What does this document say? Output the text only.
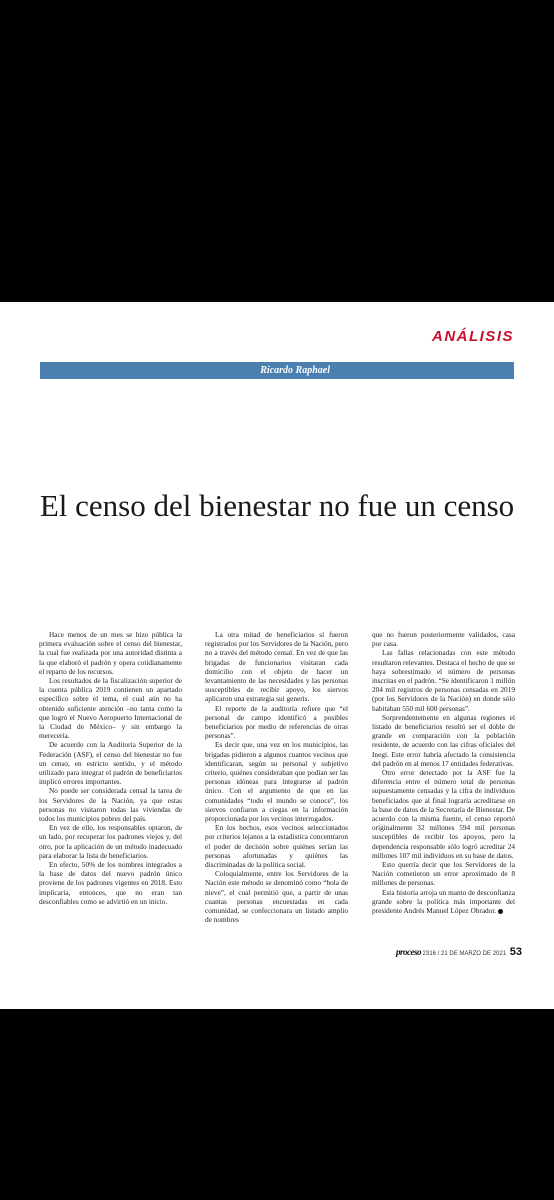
ANÁLISIS
Ricardo Raphael
El censo del bienestar no fue un censo

Hace menos de un mes se hizo pública la primera evaluación sobre el censo del bienestar, la cual fue realizada por una autoridad distinta a la que elaboró el padrón y opera cotidianamente el reparto de los recursos.

Los resultados de la fiscalización superior de la cuenta pública 2019 contienen un apartado específico sobre el tema, el cual aún no ha obtenido suficiente atención –no tanta como la que logró el Nuevo Aeropuerto Internacional de la Ciudad de México– y sin embargo la merecería.

De acuerdo con la Auditoría Superior de la Federación (ASF), el censo del bienestar no fue un censo, en estricto sentido, y el método utilizado para integrar el padrón de beneficiarios implicó errores importantes.

No puede ser considerada censal la tarea de los Servidores de la Nación, ya que estas personas no visitaron todas las viviendas de todos los municipios pobres del país.

En vez de ello, los responsables optaron, de un lado, por recuperar los padrones viejos y, del otro, por la aplicación de un método inadecuado para elaborar la lista de beneficiarios.

En efecto, 50% de los nombres integrados a la base de datos del nuevo padrón único proviene de los padrones vigentes en 2018. Esto implicaría, entonces, que no eran tan desconfiables como se advirtió en un inicio.

La otra mitad de beneficiarios sí fueron registrados por los Servidores de la Nación, pero no a través del método censal. En vez de que las brigadas de funcionarios visitaran cada domicilio con el objeto de hacer un levantamiento de las necesidades y las personas susceptibles de recibir apoyo, los siervos aplicaron una estrategia sui generis.

El reporte de la auditoría refiere que “el personal de campo identificó a posibles beneficiarios por medio de referencias de otras personas”.

Es decir que, una vez en los municipios, las brigadas pidieron a algunos cuantos vecinos que identificaran, según su personal y subjetivo criterio, quiénes consideraban que podían ser las personas idóneas para integrarse al padrón único. Con el argumento de que en las comunidades “todo el mundo se conoce”, los siervos confiaron a ciegas en la información proporcionada por los vecinos interrogados.

En los hechos, esos vecinos seleccionados por criterios lejanos a la estadística concentraron el poder de decisión sobre quiénes serían las personas afortunadas y quiénes las discriminadas de la política social.

Coloquialmente, entre los Servidores de la Nación este método se denominó como “bola de nieve”, el cual permitió que, a partir de unas cuantas personas encuestadas en cada comunidad, se confeccionara un listado amplio de nombres

que no fueron posteriormente validados, casa por casa.

Las fallas relacionadas con este método resultaron relevantes. Destaca el hecho de que se haya sobrestimado el número de personas inscritas en el padrón. “Se identificaron 1 millón 204 mil registros de personas censadas en 2019 (por los Servidores de la Nación) en donde sólo habitaban 550 mil 600 personas”.

Sorprendentemente en algunas regiones el listado de beneficiarios resultó ser el doble de grande en comparación con la población residente, de acuerdo con las cifras oficiales del Inegi. Este error habría afectado la consistencia del padrón en al menos 17 entidades federativas.

Otro error detectado por la ASF fue la diferencia entre el número total de personas supuestamente censadas y la cifra de individuos beneficiados que al final lograría acreditarse en la base de datos de la Secretaría de Bienestar. De acuerdo con la misma fuente, el censo reportó originalmente 32 millones 594 mil personas susceptibles de recibir los apoyos, pero la dependencia responsable sólo logró acreditar 24 millones 107 mil individuos en su base de datos.

Esto querría decir que los Servidores de la Nación cometieron un error aproximado de 8 millones de personas.

Esta historia arroja un manto de desconfianza grande sobre la política más importante del presidente Andrés Manuel López Obrador.

proceso 2316 / 21 DE MARZO DE 2021 53
